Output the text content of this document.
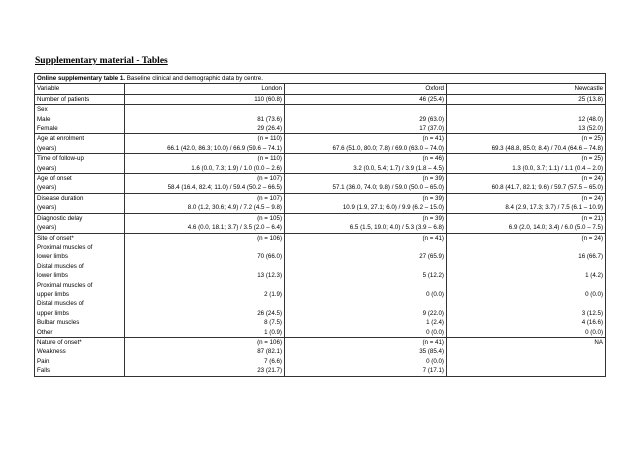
Supplementary material - Tables
Online supplementary table 1. Baseline clinical and demographic data by centre.			
Variable	London	Oxford	Newcastle
Number of patients	110 (60.8)	46 (25.4)	25 (13.8)
Sex			
Male	81 (73.6)	29 (63.0)	12 (48.0)
Female	29 (26.4)	17 (37.0)	13 (52.0)
Age at enrolment	(n = 110)	(n = 41)	(n = 25)
(years)	66.1 (42.0, 86.3; 10.0) / 66.9 (59.6 – 74.1)	67.6 (51.0, 80.0; 7.8) / 69.0 (63.0 – 74.0)	69.3 (48.8, 85.0; 8.4) / 70.4 (64.6 – 74.8)
Time of follow-up	(n = 110)	(n = 46)	(n = 25)
(years)	1.6 (0.0, 7.3; 1.9) / 1.0 (0.0 – 2.6)	3.2 (0.0, 5.4; 1.7) / 3.9 (1.8 – 4.5)	1.3 (0.0, 3.7; 1.1) / 1.1 (0.4 – 2.0)
Age of onset	(n = 107)	(n = 39)	(n = 24)
(years)	58.4 (16.4, 82.4; 11.0) / 59.4 (50.2 – 66.5)	57.1 (36.0, 74.0; 9.8) / 59.0 (50.0 – 65.0)	60.8 (41.7, 82.1; 9.6) / 59.7 (57.5 – 65.0)
Disease duration	(n = 107)	(n = 39)	(n = 24)
(years)	8.0 (1.2, 30.6; 4.9) / 7.2 (4.5 – 9.8)	10.9 (1.9, 27.1; 6.0) / 9.9 (6.2 – 15.0)	8.4 (2.9, 17.3; 3.7) / 7.5 (6.1 – 10.9)
Diagnostic delay	(n = 105)	(n = 39)	(n = 21)
(years)	4.6 (0.0, 18.1; 3.7) / 3.5 (2.0 – 6.4)	6.5 (1.5, 19.0; 4.0) / 5.3 (3.9 – 6.8)	6.9 (2.0, 14.0; 3.4) / 6.0 (5.0 – 7.5)
Site of onset*	(n = 106)	(n = 41)	(n = 24)
Proximal muscles of			
lower limbs	70 (66.0)	27 (65.9)	16 (66.7)
Distal muscles of			
lower limbs	13 (12.3)	5 (12.2)	1 (4.2)
Proximal muscles of			
upper limbs	2 (1.9)	0 (0.0)	0 (0.0)
Distal muscles of			
upper limbs	26 (24.5)	9 (22.0)	3 (12.5)
Bulbar muscles	8 (7.5)	1 (2.4)	4 (16.6)
Other	1 (0.9)	0 (0.0)	0 (0.0)
Nature of onset*	(n = 106)	(n = 41)	NA
Weakness	87 (82.1)	35 (85.4)	
Pain	7 (6.6)	0 (0.0)	
Falls	23 (21.7)	7 (17.1)	
